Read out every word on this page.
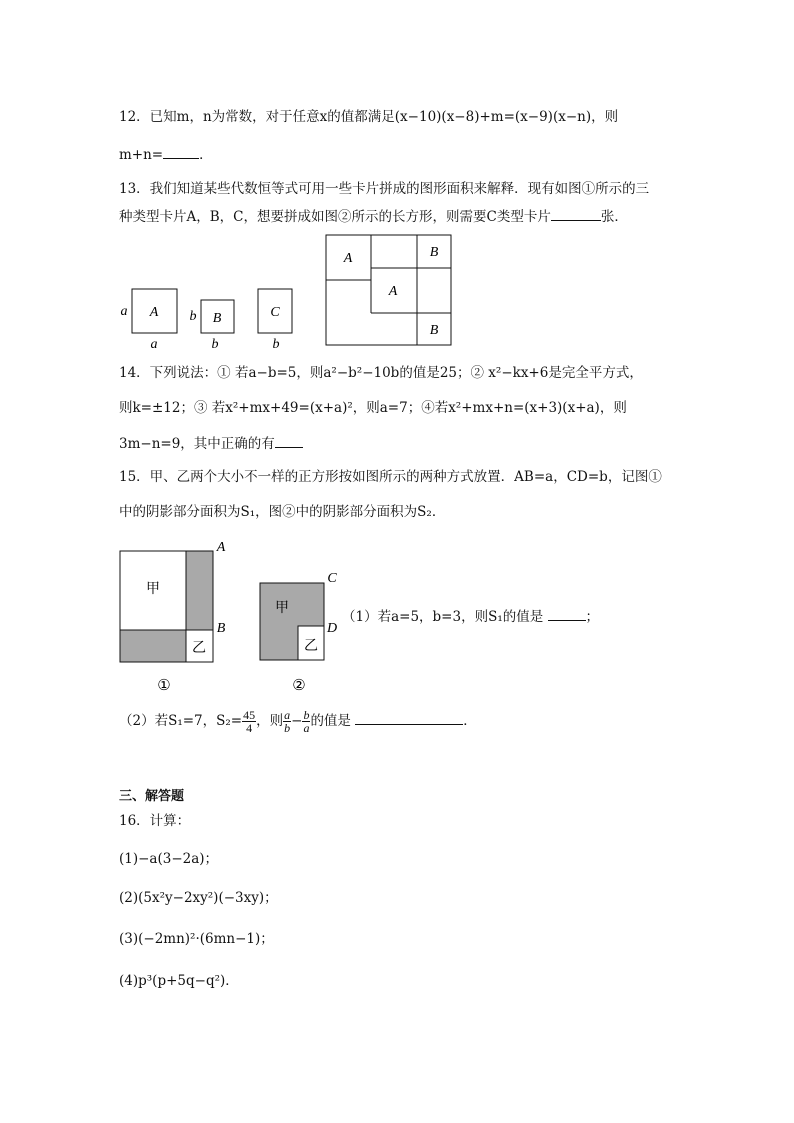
12．已知m，n为常数，对于任意x的值都满足(x−10)(x−8)+m=(x−9)(x−n)，则
m+n=	．
13．我们知道某些代数恒等式可用一些卡片拼成的图形面积来解释．现有如图①所示的三
种类型卡片A，B，C，想要拼成如图②所示的长方形，则需要C类型卡片	张．
A
a
a
B
b
b
C
b
A	B
A
B
甲
乙
A
B
①
甲
乙
C
D
②
14．下列说法：① 若a−b=5，则a²−b²−10b的值是25；② x²−kx+6是完全平方式，
则k=±12；③ 若x²+mx+49=(x+a)²，则a=7；④若x²+mx+n=(x+3)(x+a)，则
3m−n=9，其中正确的有
15．甲、乙两个大小不一样的正方形按如图所示的两种方式放置．AB=a，CD=b，记图①
中的阴影部分面积为S₁，图②中的阴影部分面积为S₂．
（1）若a=5，b=3，则S₁的值是	；
（2）若S₁=7，$S_2= \frac{45}{4}$ ，则 $\frac{a}{b} - \frac{b}{a}$ 的值是	．
三、解答题
16．计算：
(1)−a(3−2a)；
(2)(5x²y−2xy²)(−3xy)；
(3)(−2mn)²·(6mn−1)；
(4)p³(p+5q−q²)．
